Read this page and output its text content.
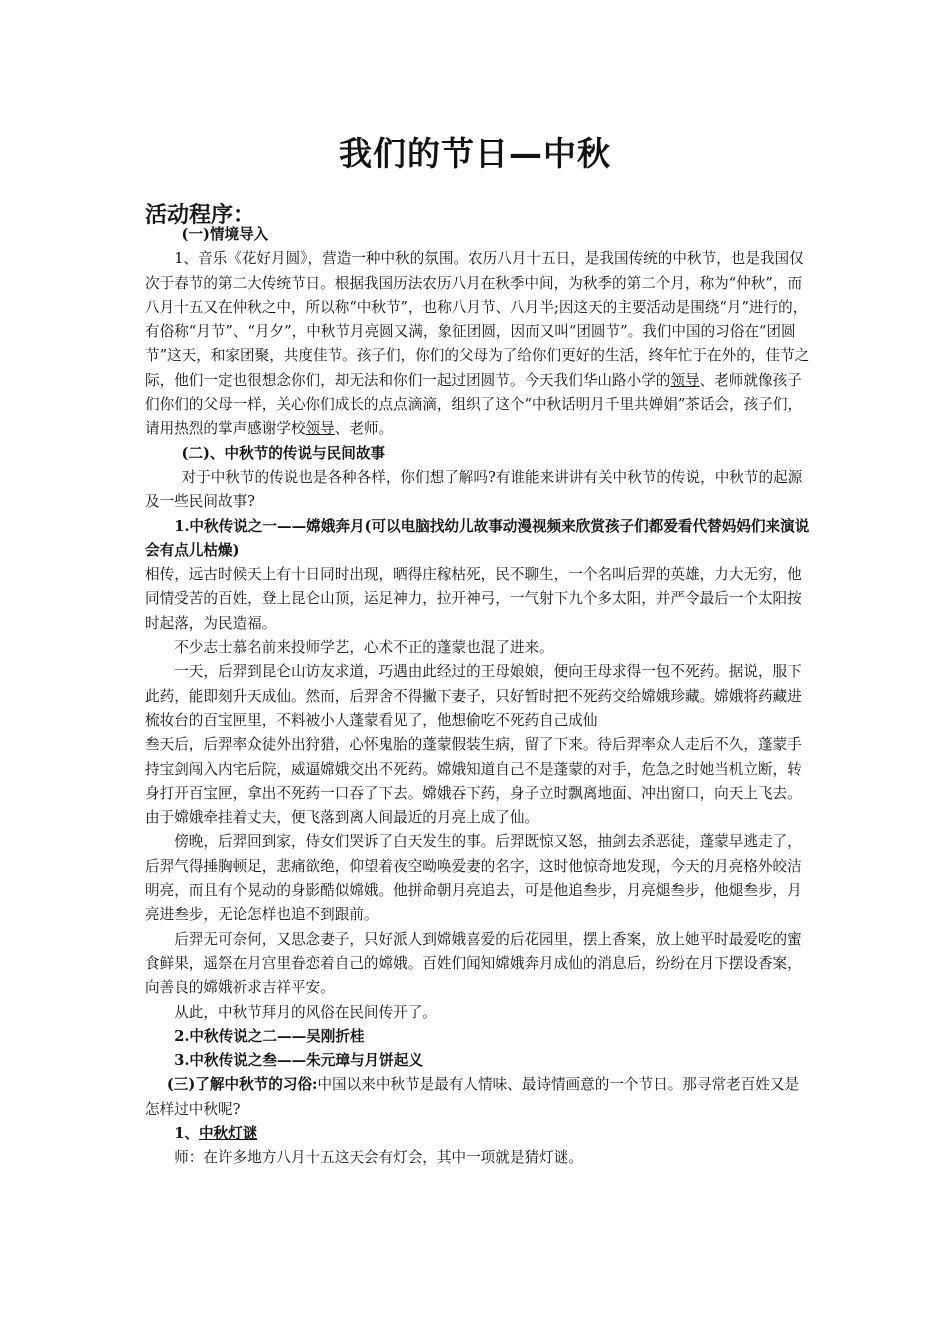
我们的节日—中秋
活动程序：

(一)情境导入

1、音乐《花好月圆》，营造一种中秋的氛围。农历八月十五日，是我国传统的中秋节，也是我国仅次于春节的第二大传统节日。根据我国历法农历八月在秋季中间，为秋季的第二个月，称为“仲秋”，而八月十五又在仲秋之中，所以称“中秋节”，也称八月节、八月半;因这天的主要活动是围绕“月”进行的，有俗称“月节”、“月夕”，中秋节月亮圆又满，象征团圆，因而又叫“团圆节”。我们中国的习俗在“团圆节”这天，和家团聚，共度佳节。孩子们，你们的父母为了给你们更好的生活，终年忙于在外的，佳节之际，他们一定也很想念你们，却无法和你们一起过团圆节。今天我们华山路小学的领导、老师就像孩子们你们的父母一样，关心你们成长的点点滴滴，组织了这个“中秋话明月千里共婵娟”茶话会，孩子们，请用热烈的掌声感谢学校领导、老师。

(二)、中秋节的传说与民间故事

对于中秋节的传说也是各种各样，你们想了解吗?有谁能来讲讲有关中秋节的传说，中秋节的起源及一些民间故事?

1.中秋传说之一——嫦娥奔月(可以电脑找幼儿故事动漫视频来欣赏孩子们都爱看代替妈妈们来演说会有点儿枯燥)

相传，远古时候天上有十日同时出现，晒得庄稼枯死，民不聊生，一个名叫后羿的英雄，力大无穷，他同情受苦的百姓，登上昆仑山顶，运足神力，拉开神弓，一气射下九个多太阳，并严令最后一个太阳按时起落，为民造福。

不少志士慕名前来投师学艺，心术不正的蓬蒙也混了进来。

一天，后羿到昆仑山访友求道，巧遇由此经过的王母娘娘，便向王母求得一包不死药。据说，服下此药，能即刻升天成仙。然而，后羿舍不得撇下妻子，只好暂时把不死药交给嫦娥珍藏。嫦娥将药藏进梳妆台的百宝匣里，不料被小人蓬蒙看见了，他想偷吃不死药自己成仙

叁天后，后羿率众徒外出狩猎，心怀鬼胎的蓬蒙假装生病，留了下来。待后羿率众人走后不久，蓬蒙手持宝剑闯入内宅后院，威逼嫦娥交出不死药。嫦娥知道自己不是蓬蒙的对手，危急之时她当机立断，转身打开百宝匣，拿出不死药一口吞了下去。嫦娥吞下药，身子立时飘离地面、冲出窗口，向天上飞去。由于嫦娥牵挂着丈夫，便飞落到离人间最近的月亮上成了仙。

傍晚，后羿回到家，侍女们哭诉了白天发生的事。后羿既惊又怒，抽剑去杀恶徒，蓬蒙早逃走了，后羿气得捶胸顿足，悲痛欲绝，仰望着夜空呦唤爱妻的名字，这时他惊奇地发现，今天的月亮格外皎洁明亮，而且有个晃动的身影酷似嫦娥。他拼命朝月亮追去，可是他追叁步，月亮煺叁步，他煺叁步，月亮进叁步，无论怎样也追不到跟前。

后羿无可奈何，又思念妻子，只好派人到嫦娥喜爱的后花园里，摆上香案，放上她平时最爱吃的蜜食鲜果，遥祭在月宫里眷恋着自己的嫦娥。百姓们闻知嫦娥奔月成仙的消息后，纷纷在月下摆设香案，向善良的嫦娥祈求吉祥平安。

从此，中秋节拜月的风俗在民间传开了。

2.中秋传说之二——吴刚折桂

3.中秋传说之叁——朱元璋与月饼起义

(三)了解中秋节的习俗:中国以来中秋节是最有人情味、最诗情画意的一个节日。那寻常老百姓又是怎样过中秋呢?

1、中秋灯谜

师：在许多地方八月十五这天会有灯会，其中一项就是猜灯谜。
